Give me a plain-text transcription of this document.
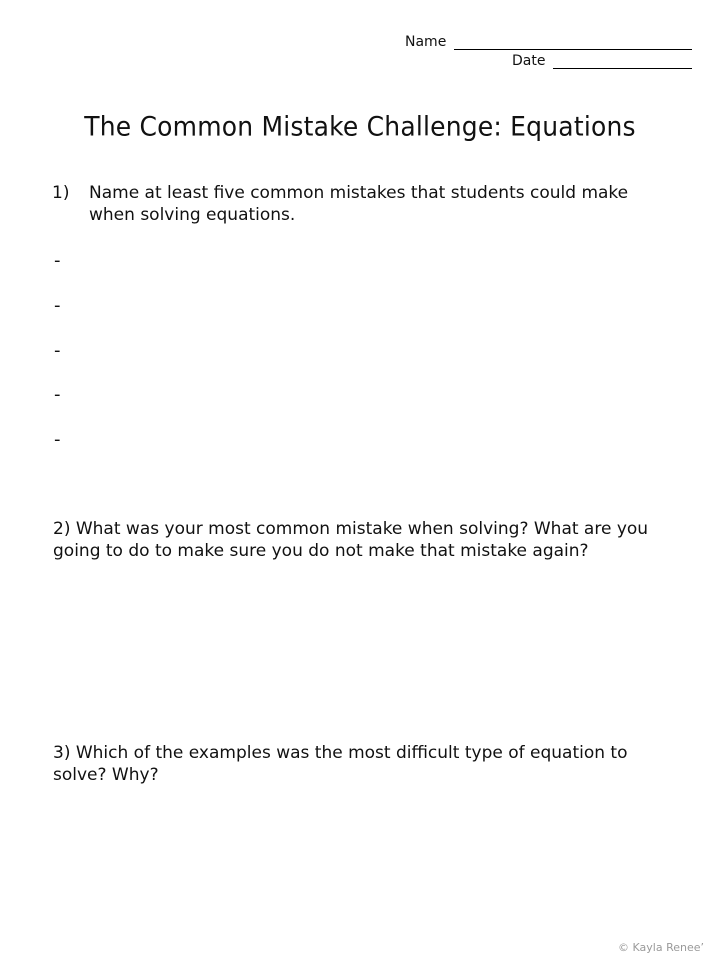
Name
Date
The Common Mistake Challenge: Equations
1) Name at least five common mistakes that students could make when solving equations.
-
-
-
-
-
2) What was your most common mistake when solving? What are you going to do to make sure you do not make that mistake again?
3) Which of the examples was the most difficult type of equation to solve? Why?
© Kayla Renee’
